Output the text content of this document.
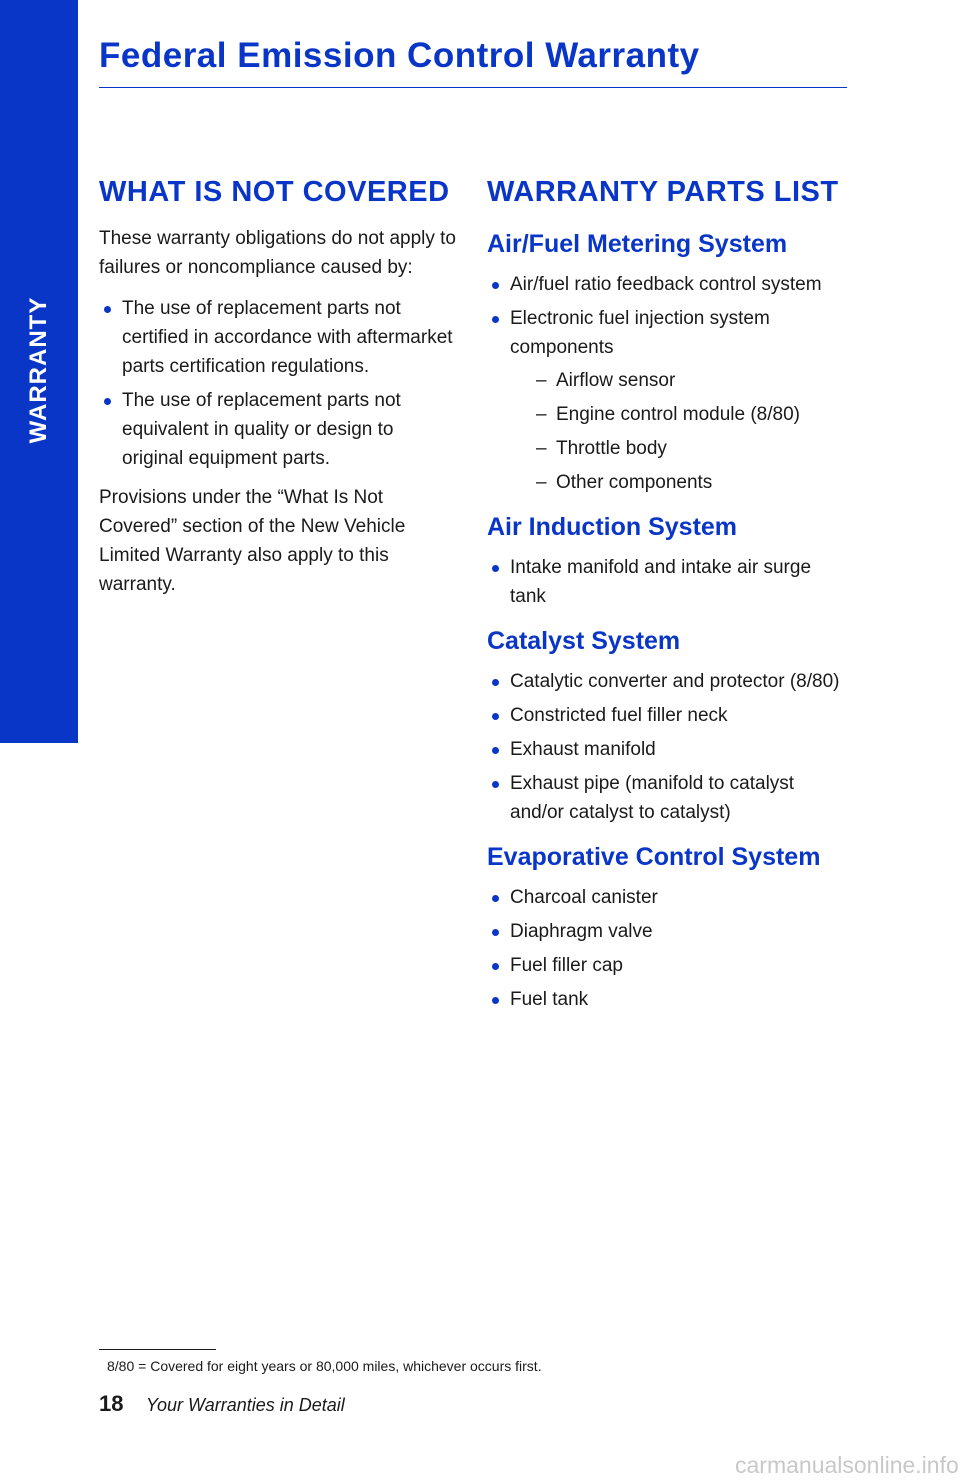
WARRANTY
Federal Emission Control Warranty
WHAT IS NOT COVERED

These warranty obligations do not apply to failures or noncompliance caused by:

The use of replacement parts not certified in accordance with aftermarket parts certification regulations.
The use of replacement parts not equivalent in quality or design to original equipment parts.

Provisions under the “What Is Not Covered” section of the New Vehicle Limited Warranty also apply to this warranty.

WARRANTY PARTS LIST
Air/Fuel Metering System
Air/fuel ratio feedback control system
Electronic fuel injection system components
– Airflow sensor
– Engine control module (8/80)
– Throttle body
– Other components
Air Induction System
Intake manifold and intake air surge tank
Catalyst System
Catalytic converter and protector (8/80)
Constricted fuel filler neck
Exhaust manifold
Exhaust pipe (manifold to catalyst and/or catalyst to catalyst)
Evaporative Control System
Charcoal canister
Diaphragm valve
Fuel filler cap
Fuel tank
8/80 = Covered for eight years or 80,000 miles, whichever occurs first.
18 Your Warranties in Detail
carmanualsonline.info
